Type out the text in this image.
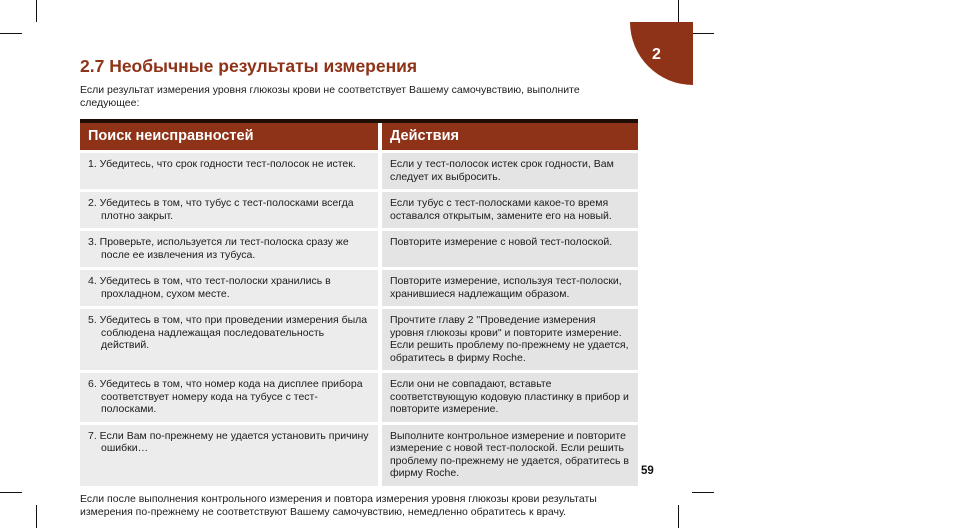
2
2.7 Необычные результаты измерения

Если результат измерения уровня глюкозы крови не соответствует Вашему самочувствию, выполните следующее:

Поиск неисправностей	Действия
1. Убедитесь, что срок годности тест-полосок не истек.	Если у тест-полосок истек срок годности, Вам следует их выбросить.
2. Убедитесь в том, что тубус с тест-полосками всегда плотно закрыт.
Если тубус с тест-полосками какое-то время оставался открытым, замените его на новый.
3. Проверьте, используется ли тест-полоска сразу же после ее извлечения из тубуса.
Повторите измерение с новой тест-полоской.
4. Убедитесь в том, что тест-полоски хранились в прохладном, сухом месте.
Повторите измерение, используя тест-полоски, хранившиеся надлежащим образом.
5. Убедитесь в том, что при проведении измерения была соблюдена надлежащая последовательность действий.
Прочтите главу 2 "Проведение измерения уровня глюкозы крови" и повторите измерение. Если решить проблему по-прежнему не удается, обратитесь в фирму Roche.
6. Убедитесь в том, что номер кода на дисплее прибора соответствует номеру кода на тубусе с тест-полосками.
Если они не совпадают, вставьте соответствующую кодовую пластинку в прибор и повторите измерение.
7. Если Вам по-прежнему не удается установить причину ошибки…
Выполните контрольное измерение и повторите измерение с новой тест-полоской. Если решить проблему по-прежнему не удается, обратитесь в фирму Roche.

Если после выполнения контрольного измерения и повтора измерения уровня глюкозы крови результаты измерения по-прежнему не соответствуют Вашему самочувствию, немедленно обратитесь к врачу.

59
